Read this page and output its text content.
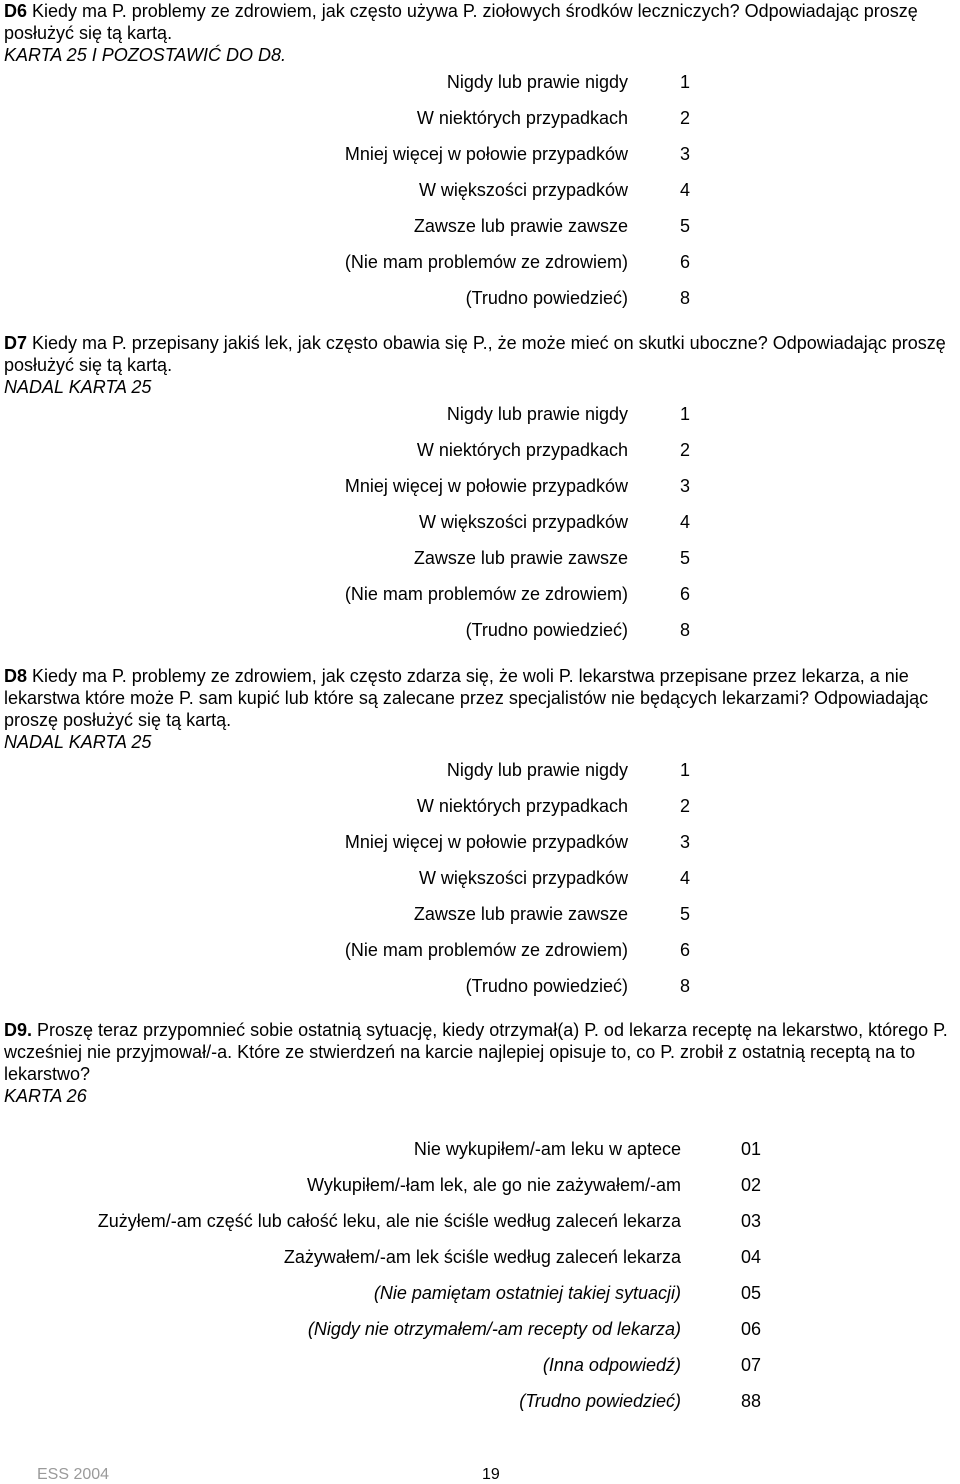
D6 Kiedy ma P. problemy ze zdrowiem, jak często używa P. ziołowych środków leczniczych? Odpowiadając proszę posłużyć się tą kartą.
KARTA 25 I POZOSTAWIĆ DO D8.

Nigdy lub prawie nigdy	1
W niektórych przypadkach	2
Mniej więcej w połowie przypadków	3
W większości przypadków	4
Zawsze lub prawie zawsze	5
(Nie mam problemów ze zdrowiem)	6
(Trudno powiedzieć)	8

D7 Kiedy ma P. przepisany jakiś lek, jak często obawia się P., że może mieć on skutki uboczne? Odpowiadając proszę posłużyć się tą kartą.
NADAL KARTA 25

Nigdy lub prawie nigdy	1
W niektórych przypadkach	2
Mniej więcej w połowie przypadków	3
W większości przypadków	4
Zawsze lub prawie zawsze	5
(Nie mam problemów ze zdrowiem)	6
(Trudno powiedzieć)	8

D8 Kiedy ma P. problemy ze zdrowiem, jak często zdarza się, że woli P. lekarstwa przepisane przez lekarza, a nie lekarstwa które może P. sam kupić lub które są zalecane przez specjalistów nie będących lekarzami? Odpowiadając proszę posłużyć się tą kartą.
NADAL KARTA 25

Nigdy lub prawie nigdy	1
W niektórych przypadkach	2
Mniej więcej w połowie przypadków	3
W większości przypadków	4
Zawsze lub prawie zawsze	5
(Nie mam problemów ze zdrowiem)	6
(Trudno powiedzieć)	8

D9. Proszę teraz przypomnieć sobie ostatnią sytuację, kiedy otrzymał(a) P. od lekarza receptę na lekarstwo, którego P. wcześniej nie przyjmował/-a. Które ze stwierdzeń na karcie najlepiej opisuje to, co P. zrobił z ostatnią receptą na to lekarstwo?
KARTA 26

Nie wykupiłem/-am leku w aptece	01
Wykupiłem/-łam lek, ale go nie zażywałem/-am	02
Zużyłem/-am część lub całość leku, ale nie ściśle według zaleceń lekarza	03
Zażywałem/-am lek ściśle według zaleceń lekarza	04
(Nie pamiętam ostatniej takiej sytuacji)	05
(Nigdy nie otrzymałem/-am recepty od lekarza)	06
(Inna odpowiedź)	07
(Trudno powiedzieć)	88
ESS 2004	19
